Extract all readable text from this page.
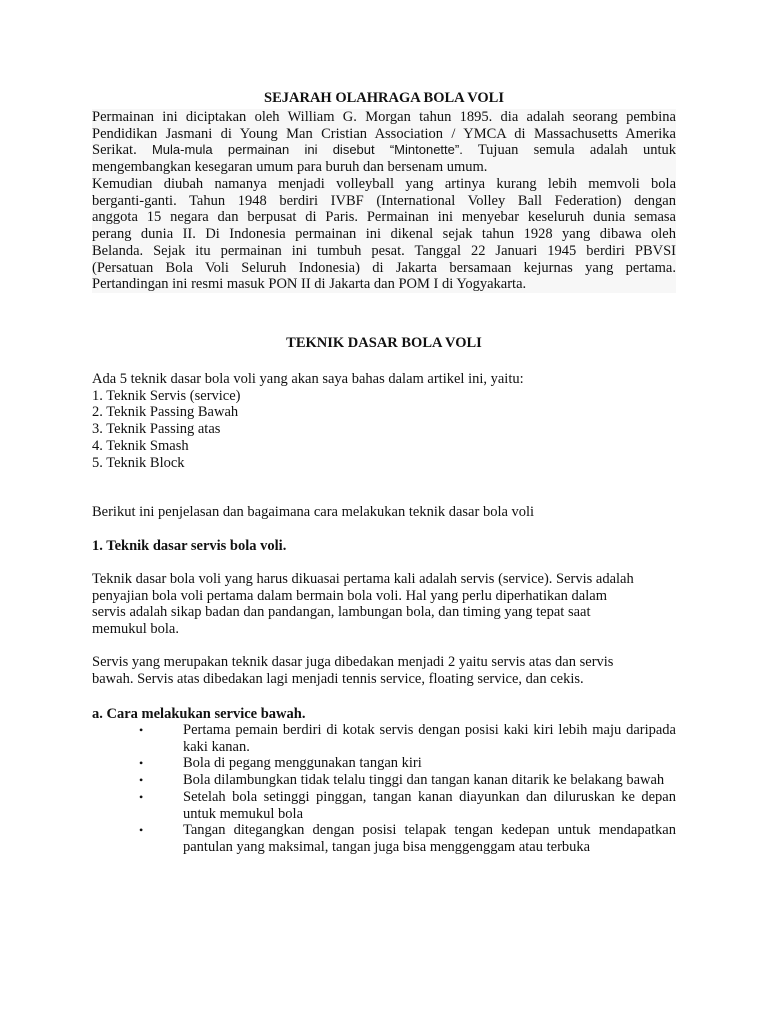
SEJARAH OLAHRAGA BOLA VOLI
Permainan ini diciptakan oleh William G. Morgan tahun 1895. dia adalah seorang pembina
Pendidikan Jasmani di Young Man Cristian Association / YMCA di Massachusetts Amerika
Serikat. Mula-mula permainan ini disebut “Mintonette”. Tujuan semula adalah untuk
mengembangkan kesegaran umum para buruh dan bersenam umum.
Kemudian diubah namanya menjadi volleyball yang artinya kurang lebih memvoli bola
berganti-ganti. Tahun 1948 berdiri IVBF (International Volley Ball Federation) dengan
anggota 15 negara dan berpusat di Paris. Permainan ini menyebar keseluruh dunia semasa
perang dunia II. Di Indonesia permainan ini dikenal sejak tahun 1928 yang dibawa oleh
Belanda. Sejak itu permainan ini tumbuh pesat. Tanggal 22 Januari 1945 berdiri PBVSI
(Persatuan Bola Voli Seluruh Indonesia) di Jakarta bersamaan kejurnas yang pertama.
Pertandingan ini resmi masuk PON II di Jakarta dan POM I di Yogyakarta.
TEKNIK DASAR BOLA VOLI
Ada 5 teknik dasar bola voli yang akan saya bahas dalam artikel ini, yaitu:
1. Teknik Servis (service)
2. Teknik Passing Bawah
3. Teknik Passing atas
4. Teknik Smash
5. Teknik Block
Berikut ini penjelasan dan bagaimana cara melakukan teknik dasar bola voli
1. Teknik dasar servis bola voli.
Teknik dasar bola voli yang harus dikuasai pertama kali adalah servis (service). Servis adalah
penyajian bola voli pertama dalam bermain bola voli. Hal yang perlu diperhatikan dalam
servis adalah sikap badan dan pandangan, lambungan bola, dan timing yang tepat saat
memukul bola.
Servis yang merupakan teknik dasar juga dibedakan menjadi 2 yaitu servis atas dan servis
bawah. Servis atas dibedakan lagi menjadi tennis service, floating service, dan cekis.
a. Cara melakukan service bawah.
•	Pertama pemain berdiri di kotak servis dengan posisi kaki kiri lebih maju daripada kaki kanan.
•	Bola di pegang menggunakan tangan kiri
•	Bola dilambungkan tidak telalu tinggi dan tangan kanan ditarik ke belakang bawah
•	Setelah bola setinggi pinggan, tangan kanan diayunkan dan diluruskan ke depan untuk memukul bola
•	Tangan ditegangkan dengan posisi telapak tengan kedepan untuk mendapatkan pantulan yang maksimal, tangan juga bisa menggenggam atau terbuka
